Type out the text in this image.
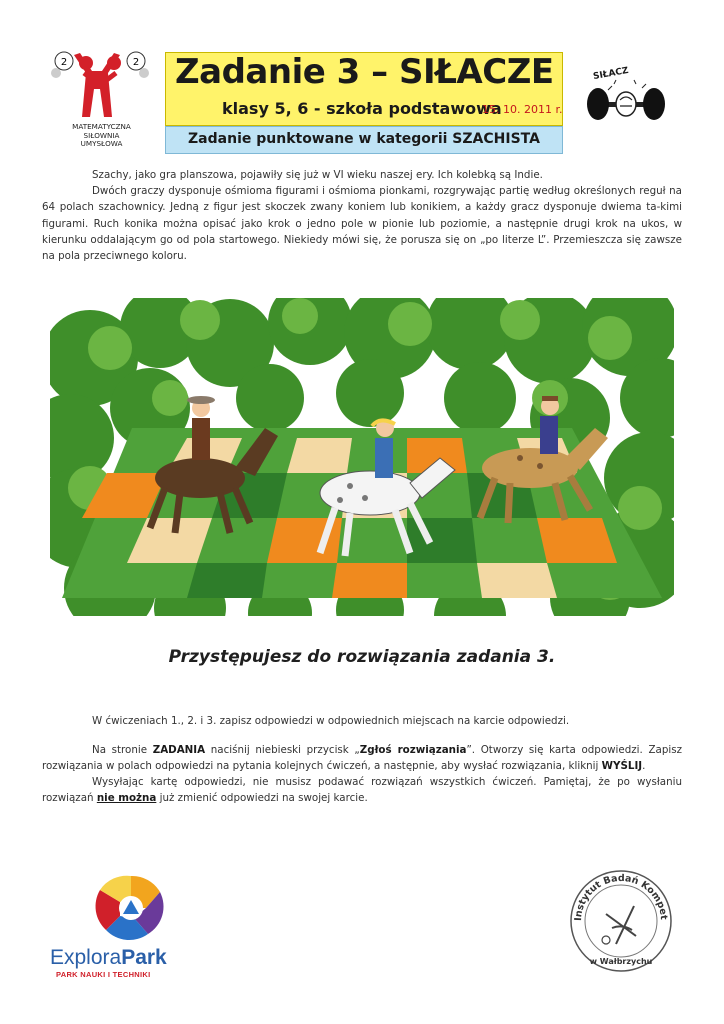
2	2
MATEMATYCZNA
SIŁOWNIA
UMYSŁOWA
Zadanie 3 – SIŁACZE
klasy 5, 6 - szkoła podstawowa
15. 10. 2011 r.
Zadanie punktowane w kategorii SZACHISTA
SIŁACZ

Szachy, jako gra planszowa, pojawiły się już w VI wieku naszej ery. Ich kolebką są Indie.

Dwóch graczy dysponuje ośmioma figurami i ośmioma pionkami, rozgrywając partię według określonych reguł na 64 polach szachownicy. Jedną z figur jest skoczek zwany koniem lub konikiem, a każdy gracz dysponuje dwiema ta-kimi figurami. Ruch konika można opisać jako krok o jedno pole w pionie lub poziomie, a następnie drugi krok na ukos, w kierunku oddalającym go od pola startowego. Niekiedy mówi się, że porusza się on „po literze L”. Przemieszcza się zawsze na pola przeciwnego koloru.

Przystępujesz do rozwiązania zadania 3.

W ćwiczeniach 1., 2. i 3. zapisz odpowiedzi w odpowiednich miejscach na karcie odpowiedzi.

Na stronie ZADANIA naciśnij niebieski przycisk „Zgłoś rozwiązania”. Otworzy się karta odpowiedzi. Zapisz rozwiązania w polach odpowiedzi na pytania kolejnych ćwiczeń, a następnie, aby wysłać rozwiązania, kliknij WYŚLIJ.

Wysyłając kartę odpowiedzi, nie musisz podawać rozwiązań wszystkich ćwiczeń. Pamiętaj, że po wysłaniu rozwiązań nie można już zmienić odpowiedzi na swojej karcie.

ExploraPark
PARK NAUKI I TECHNIKI
Instytut Badań Kompet
w Wałbrzychu
